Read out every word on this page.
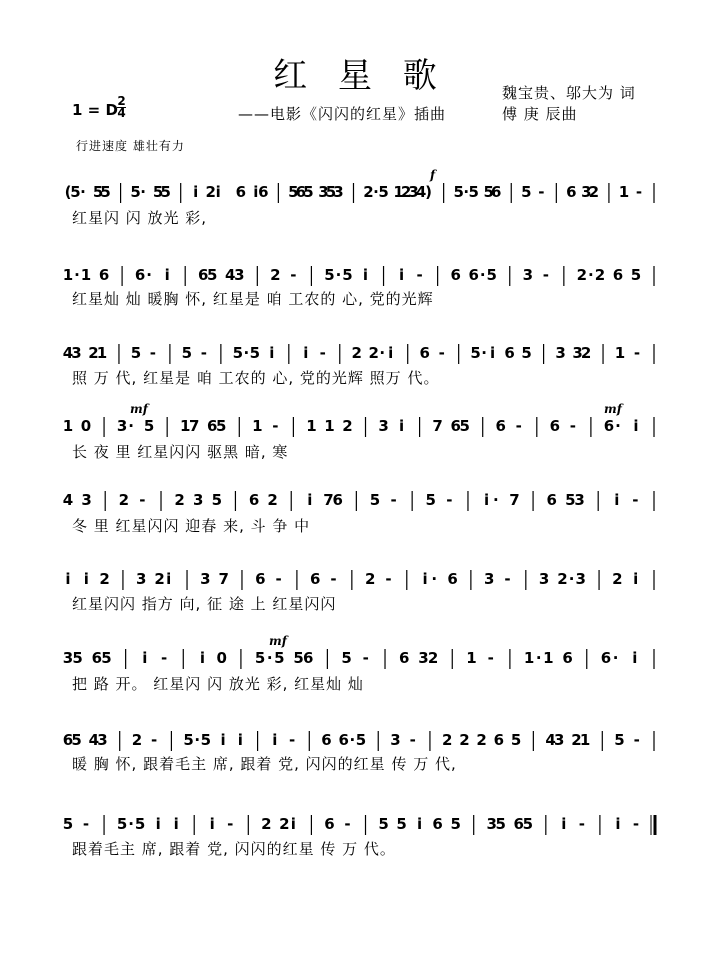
红 星 歌	魏宝贵、邬大为 词
傅 庚 辰曲
——电影《闪闪的红星》插曲
1 = D 2
4
行进速度 雄壮有力
(
5 · 5
5 5 · 5
5 i 2 i 6 i 6 5
6
5 3
5
3 2 · 5 1
2
3
4
) 5 · 5 5
6 5 - 6 3
2 1 -
1 · 1 6 6 · i 6
5 4
3 2 - 5 · 5 i i - 6 6 · 5 3 - 2 · 2 6 5
4
3 2
1 5 - 5 - 5 · 5 i i - 2 2 · i 6 - 5 · i 6 5 3 3
2 1 -
1 0 3 · 5 1
7 6
5 1 - 1 1 2 3 i 7 6
5 6 - 6 - 6 · i
4 3 2 - 2 3 5 6 2 i 7
6 5 - 5 - i · 7 6 5
3 i -
i i 2 3 2 i 3 7 6 - 6 - 2 - i · 6 3 - 3 2 · 3 2 i
3 5 6 5 i - i 0 5 · 5 5 6 5 - 6 3 2 1 - 1 · 1 6 6 · i
6
5 4
3 2 - 5 · 5 i i i - 6 6 · 5 3 - 2 2 2 6 5 4
3 2
1 5 -
5 - 5 · 5 i i i - 2 2 i 6 - 5 5 i 6 5 3
5 6
5 i - i -
f
mf	mf
mf
红星闪 闪 放光 彩,
红星灿 灿 暖胸 怀, 红星是 咱 工农的 心, 党的光辉
照 万 代, 红星是 咱 工农的 心, 党的光辉 照万 代。
长 夜 里 红星闪闪 驱黑 暗, 寒
冬 里 红星闪闪 迎春 来, 斗 争 中
红星闪闪 指方 向, 征 途 上 红星闪闪
把 路 开。 红星闪 闪 放光 彩, 红星灿 灿
暖 胸 怀, 跟着毛主 席, 跟着 党, 闪闪的红星 传 万 代,
跟着毛主 席, 跟着 党, 闪闪的红星 传 万 代。
